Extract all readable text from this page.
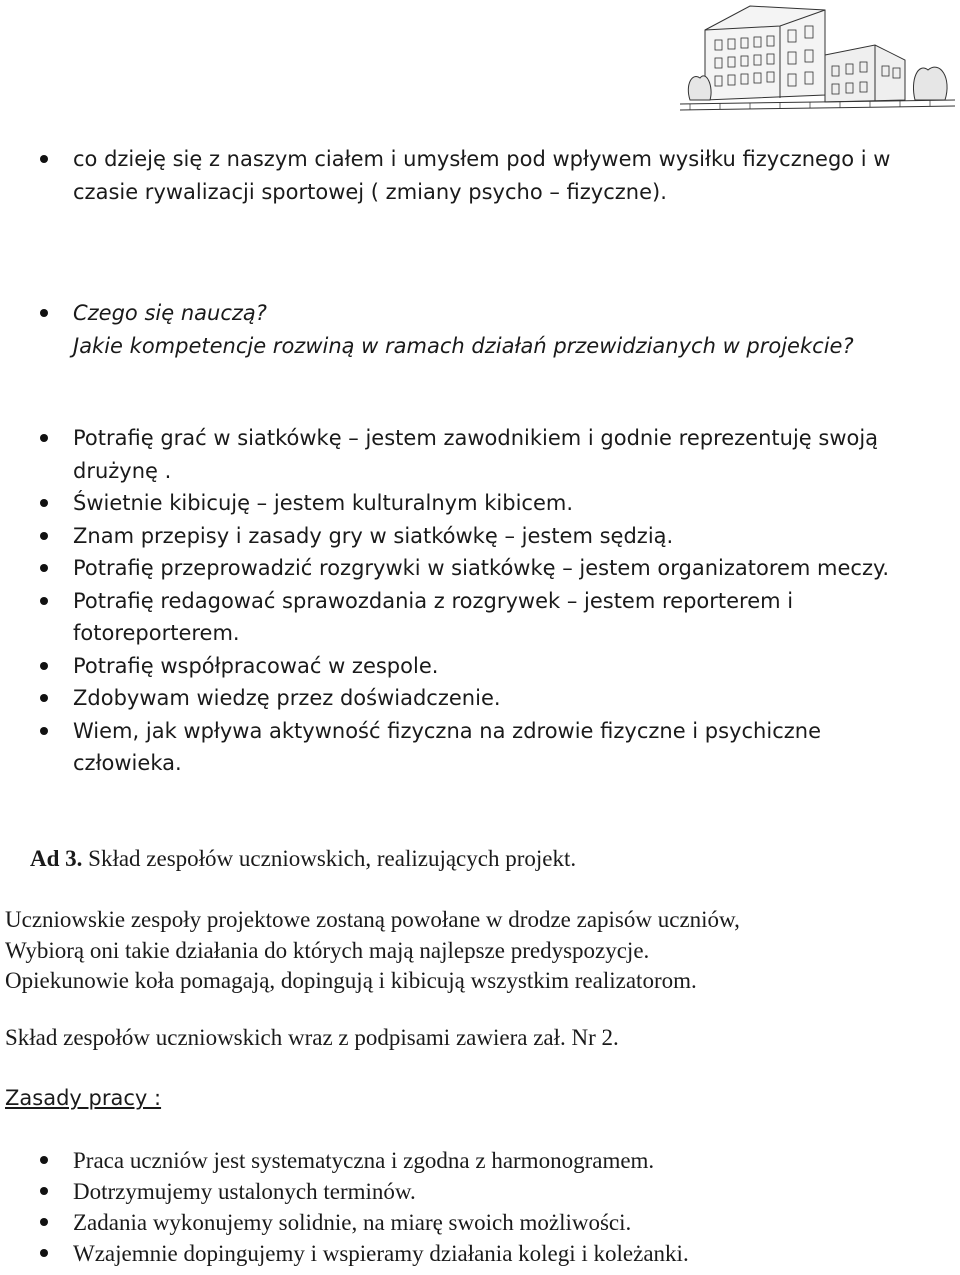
co dzieję się z naszym ciałem i umysłem pod wpływem wysiłku fizycznego i w czasie rywalizacji sportowej ( zmiany psycho – fizyczne).
Czego się nauczą?
Jakie kompetencje rozwiną w ramach działań przewidzianych w projekcie?
Potrafię grać w siatkówkę – jestem zawodnikiem i godnie reprezentuję swoją drużynę .
Świetnie kibicuję – jestem kulturalnym kibicem.
Znam przepisy i zasady gry w siatkówkę – jestem sędzią.
Potrafię przeprowadzić rozgrywki w siatkówkę – jestem organizatorem meczy.
Potrafię redagować sprawozdania z rozgrywek – jestem reporterem i fotoreporterem.
Potrafię współpracować w zespole.
Zdobywam wiedzę przez doświadczenie.
Wiem, jak wpływa aktywność fizyczna na zdrowie fizyczne i psychiczne człowieka.
Ad 3. Skład zespołów uczniowskich, realizujących projekt.
Uczniowskie zespoły projektowe zostaną powołane w drodze zapisów uczniów,
Wybiorą oni takie działania do których mają najlepsze predyspozycje.
Opiekunowie koła pomagają, dopingują i kibicują wszystkim realizatorom.
Skład zespołów uczniowskich wraz z podpisami zawiera zał. Nr 2.
Zasady pracy :
Praca uczniów jest systematyczna i zgodna z harmonogramem.
Dotrzymujemy ustalonych terminów.
Zadania wykonujemy solidnie, na miarę swoich możliwości.
Wzajemnie dopingujemy i wspieramy działania kolegi i koleżanki.
